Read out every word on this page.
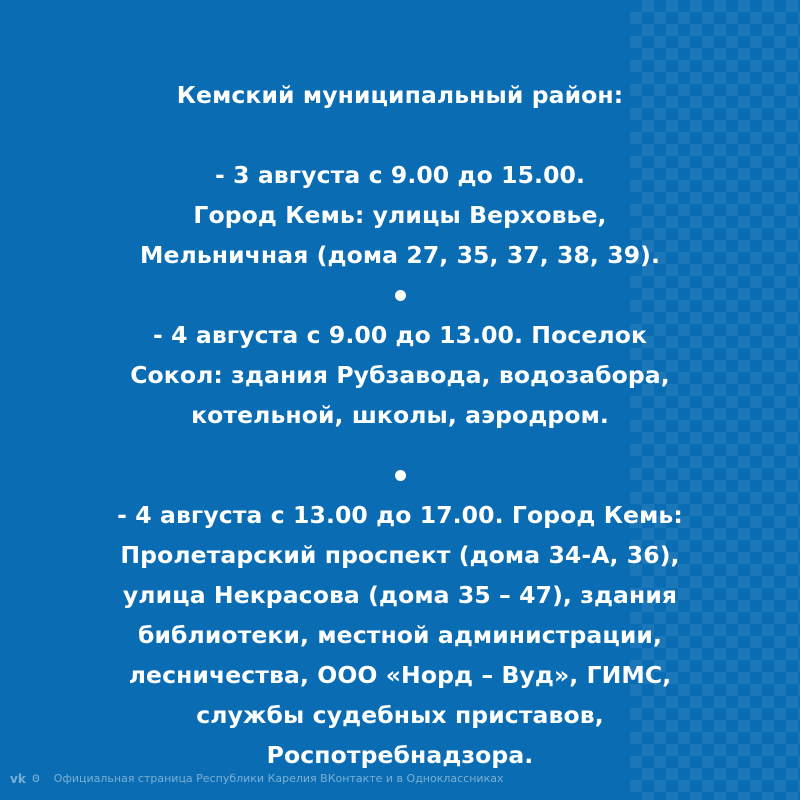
Кемский муниципальный район:
- 3 августа с 9.00 до 15.00.
Город Кемь: улицы Верховье,
Мельничная (дома 27, 35, 37, 38, 39).
- 4 августа с 9.00 до 13.00. Поселок
Сокол: здания Рубзавода, водозабора,
котельной, школы, аэродром.
- 4 августа с 13.00 до 17.00. Город Кемь:
Пролетарский проспект (дома 34-А, 36),
улица Некрасова (дома 35 – 47), здания
библиотеки, местной администрации,
лесничества, ООО «Норд – Вуд», ГИМС,
службы судебных приставов,
Роспотребнадзора.
vk ꙩ Официальная страница Республики Карелия ВКонтакте и в Одноклассниках
